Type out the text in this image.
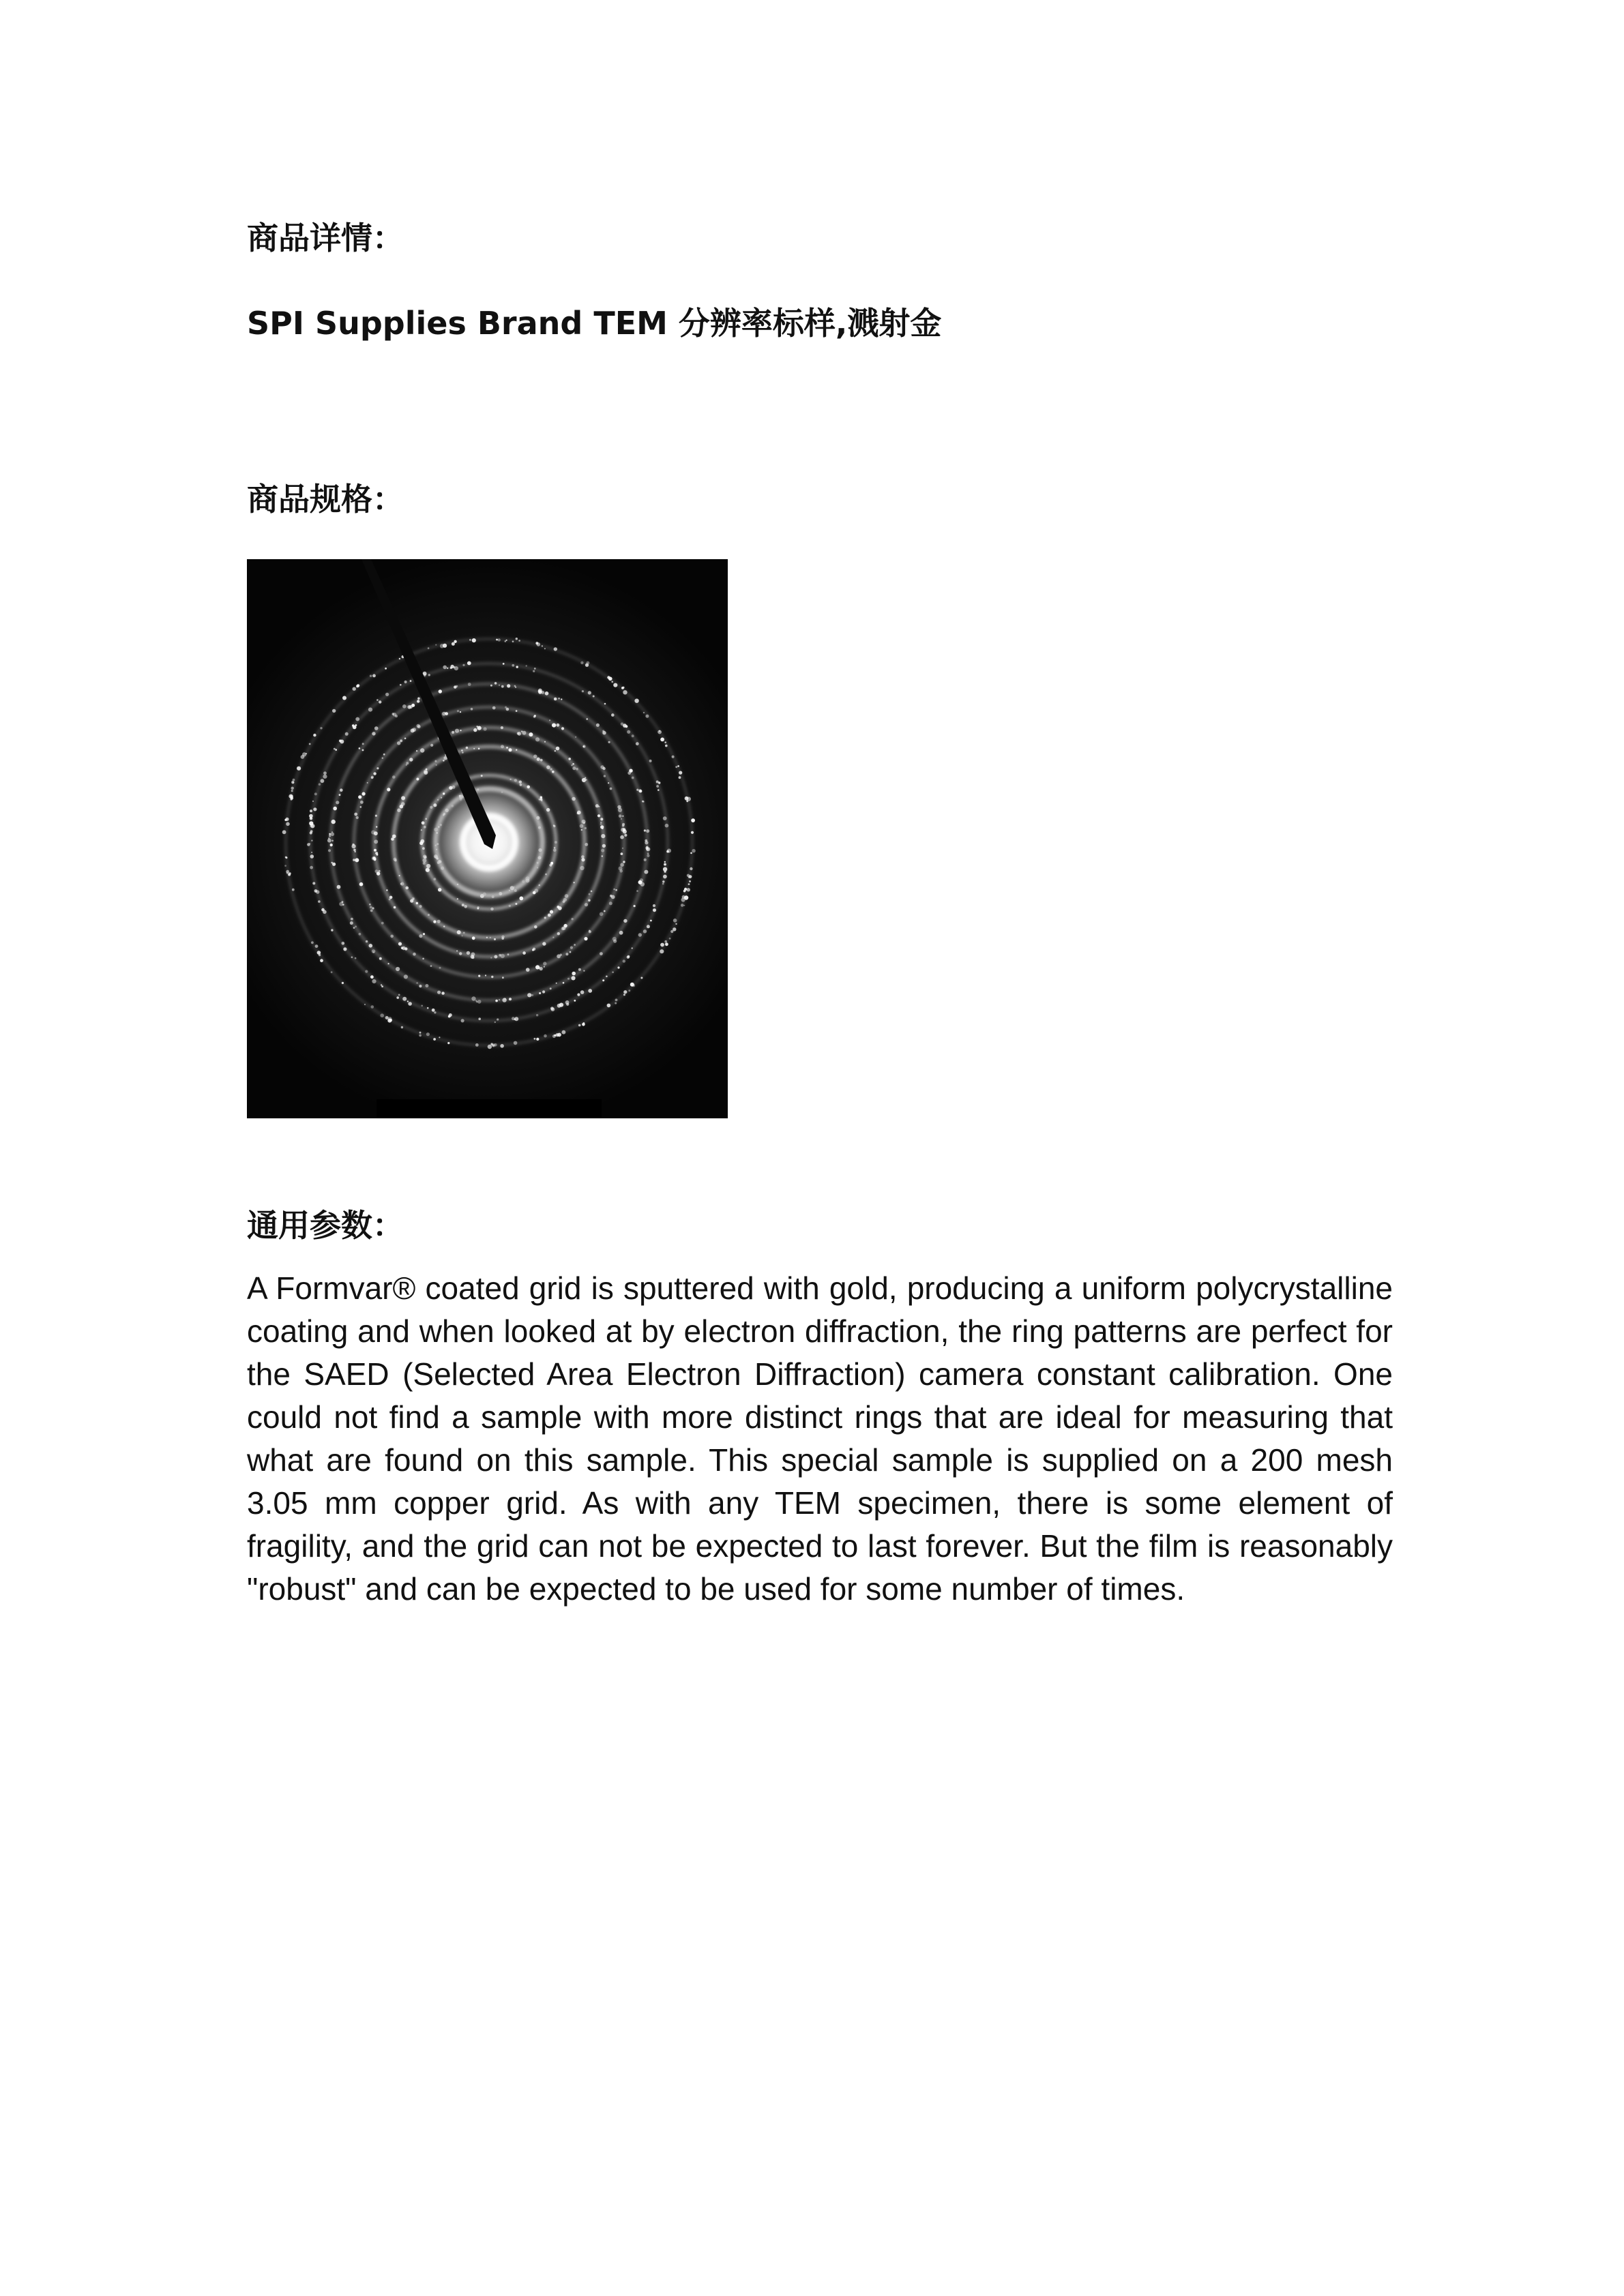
商品详情：
SPI Supplies Brand TEM 分辨率标样,溅射金
商品规格：
通用参数：

A Formvar® coated grid is sputtered with gold, producing a uniform polycrystalline coating and when looked at by electron diffraction, the ring patterns are perfect for the SAED (Selected Area Electron Diffraction) camera constant calibration. One could not find a sample with more distinct rings that are ideal for measuring that what are found on this sample. This special sample is supplied on a 200 mesh 3.05 mm copper grid. As with any TEM specimen, there is some element of fragility, and the grid can not be expected to last forever. But the film is reasonably "robust" and can be expected to be used for some number of times.
